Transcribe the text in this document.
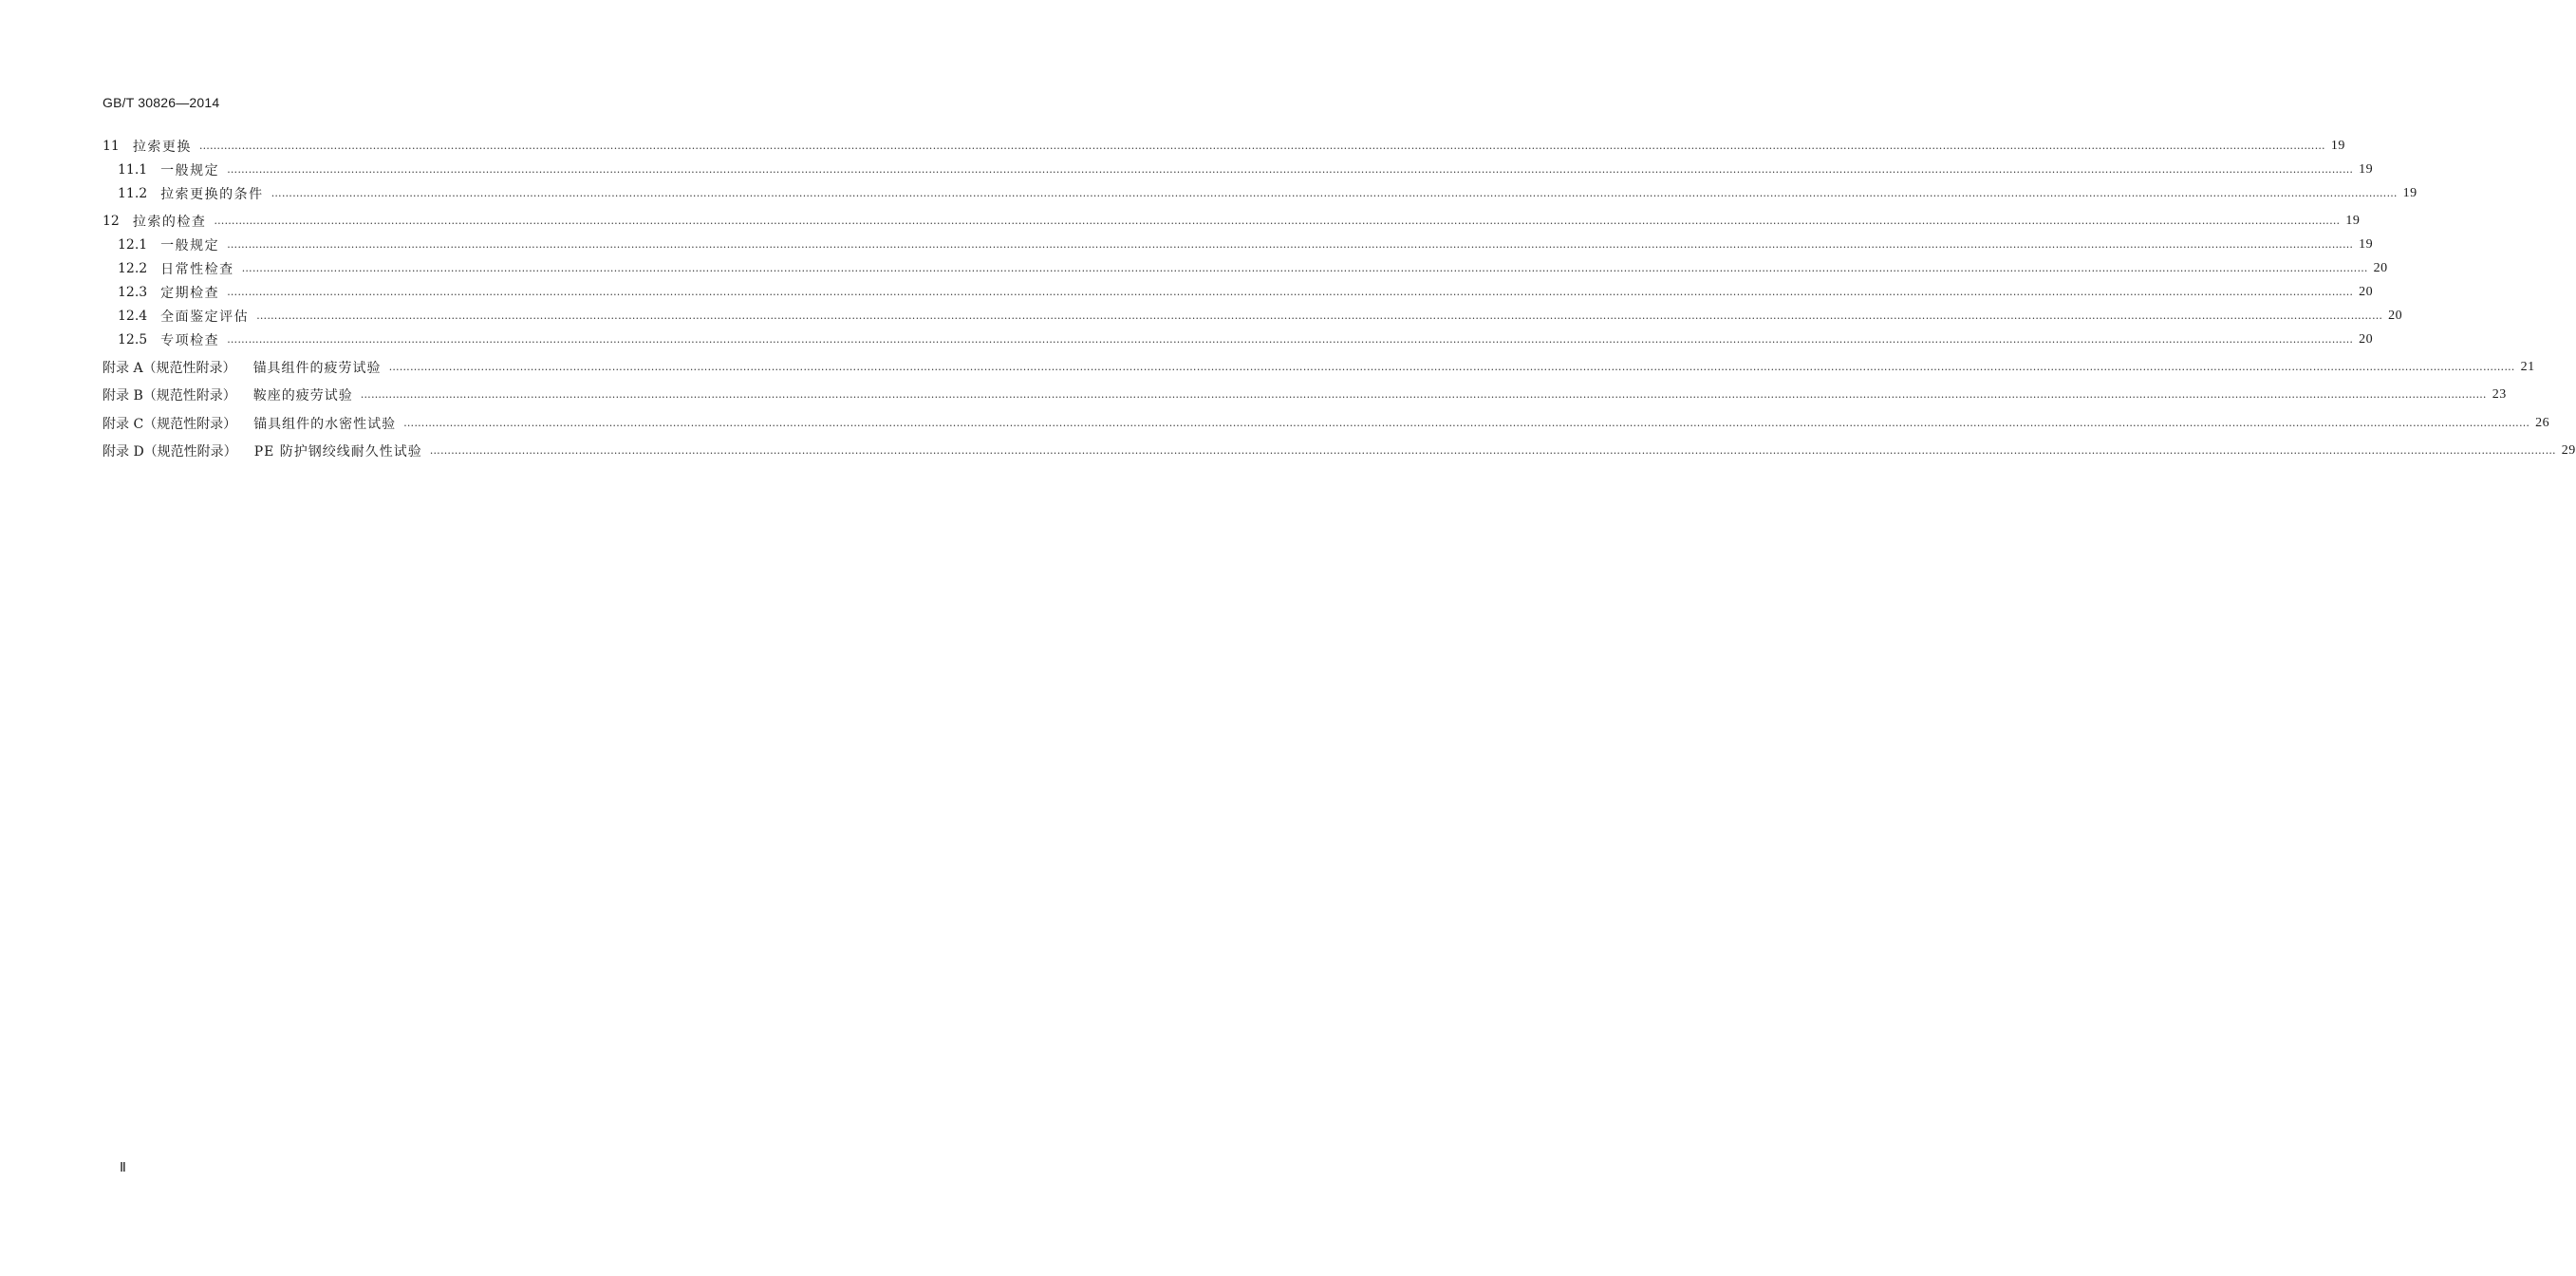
GB/T 30826—2014
11 拉索更换 …………………………………………………………………………………………………………………………………………………………………………………………………………………………………………………………………………………………………………………………………………………………………………………………………………………………………………………………………………………………………………………………………………………… 19
11.1 一般规定 …………………………………………………………………………………………………………………………………………………………………………………………………………………………………………………………………………………………………………………………………………………………………………………………………………………………………………………………………………………………………………………………………………………… 19
11.2 拉索更换的条件 …………………………………………………………………………………………………………………………………………………………………………………………………………………………………………………………………………………………………………………………………………………………………………………………………………………………………………………………………………………………………………………………………………………… 19
12 拉索的检查 …………………………………………………………………………………………………………………………………………………………………………………………………………………………………………………………………………………………………………………………………………………………………………………………………………………………………………………………………………………………………………………………………………………… 19
12.1 一般规定 …………………………………………………………………………………………………………………………………………………………………………………………………………………………………………………………………………………………………………………………………………………………………………………………………………………………………………………………………………………………………………………………………………………… 19
12.2 日常性检查 …………………………………………………………………………………………………………………………………………………………………………………………………………………………………………………………………………………………………………………………………………………………………………………………………………………………………………………………………………………………………………………………………………………… 20
12.3 定期检查 …………………………………………………………………………………………………………………………………………………………………………………………………………………………………………………………………………………………………………………………………………………………………………………………………………………………………………………………………………………………………………………………………………………… 20
12.4 全面鉴定评估 …………………………………………………………………………………………………………………………………………………………………………………………………………………………………………………………………………………………………………………………………………………………………………………………………………………………………………………………………………………………………………………………………………………… 20
12.5 专项检查 …………………………………………………………………………………………………………………………………………………………………………………………………………………………………………………………………………………………………………………………………………………………………………………………………………………………………………………………………………………………………………………………………………………… 20
附录 A（规范性附录） 锚具组件的疲劳试验 …………………………………………………………………………………………………………………………………………………………………………………………………………………………………………………………………………………………………………………………………………………………………………………………………………………………………………………………………………………………………………………………………………………… 21
附录 B（规范性附录） 鞍座的疲劳试验 …………………………………………………………………………………………………………………………………………………………………………………………………………………………………………………………………………………………………………………………………………………………………………………………………………………………………………………………………………………………………………………………………………………… 23
附录 C（规范性附录） 锚具组件的水密性试验 …………………………………………………………………………………………………………………………………………………………………………………………………………………………………………………………………………………………………………………………………………………………………………………………………………………………………………………………………………………………………………………………………………………… 26
附录 D（规范性附录） PE 防护钢绞线耐久性试验 …………………………………………………………………………………………………………………………………………………………………………………………………………………………………………………………………………………………………………………………………………………………………………………………………………………………………………………………………………………………………………………………………………………… 29
Ⅱ
